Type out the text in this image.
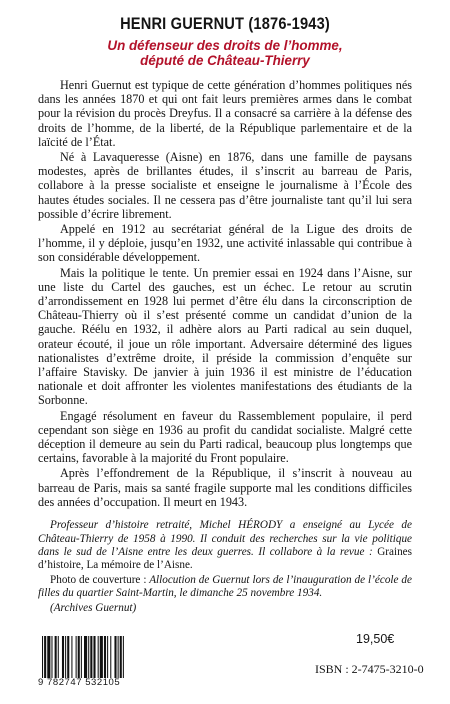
HENRI GUERNUT (1876-1943)
Un défenseur des droits de l’homme,
député de Château-Thierry

Henri Guernut est typique de cette génération d’hommes politiques nés dans les années 1870 et qui ont fait leurs premières armes dans le combat pour la révision du procès Dreyfus. Il a consacré sa carrière à la défense des droits de l’homme, de la liberté, de la République parlementaire et de la laïcité de l’État.

Né à Lavaqueresse (Aisne) en 1876, dans une famille de paysans modestes, après de brillantes études, il s’inscrit au barreau de Paris, collabore à la presse socialiste et enseigne le journalisme à l’École des hautes études sociales. Il ne cessera pas d’être journaliste tant qu’il lui sera possible d’écrire librement.

Appelé en 1912 au secrétariat général de la Ligue des droits de l’homme, il y déploie, jusqu’en 1932, une activité inlassable qui contribue à son considérable développement.

Mais la politique le tente. Un premier essai en 1924 dans l’Aisne, sur une liste du Cartel des gauches, est un échec. Le retour au scrutin d’arrondissement en 1928 lui permet d’être élu dans la circonscription de Château-Thierry où il s’est présenté comme un candidat d’union de la gauche. Réélu en 1932, il adhère alors au Parti radical au sein duquel, orateur écouté, il joue un rôle important. Adversaire déterminé des ligues nationalistes d’extrême droite, il préside la commission d’enquête sur l’affaire Stavisky. De janvier à juin 1936 il est ministre de l’éducation nationale et doit affronter les violentes manifestations des étudiants de la Sorbonne.

Engagé résolument en faveur du Rassemblement populaire, il perd cependant son siège en 1936 au profit du candidat socialiste. Malgré cette déception il demeure au sein du Parti radical, beaucoup plus longtemps que certains, favorable à la majorité du Front populaire.

Après l’effondrement de la République, il s’inscrit à nouveau au barreau de Paris, mais sa santé fragile supporte mal les conditions difficiles des années d’occupation. Il meurt en 1943.

Professeur d’histoire retraité, Michel HÉRODY a enseigné au Lycée de Château-Thierry de 1958 à 1990. Il conduit des recherches sur la vie politique dans le sud de l’Aisne entre les deux guerres. Il collabore à la revue : Graines d’histoire, La mémoire de l’Aisne.

Photo de couverture : Allocution de Guernut lors de l’inauguration de l’école de filles du quartier Saint-Martin, le dimanche 25 novembre 1934.

(Archives Guernut)
9 782747 532105
19,50€
ISBN : 2-7475-3210-0
